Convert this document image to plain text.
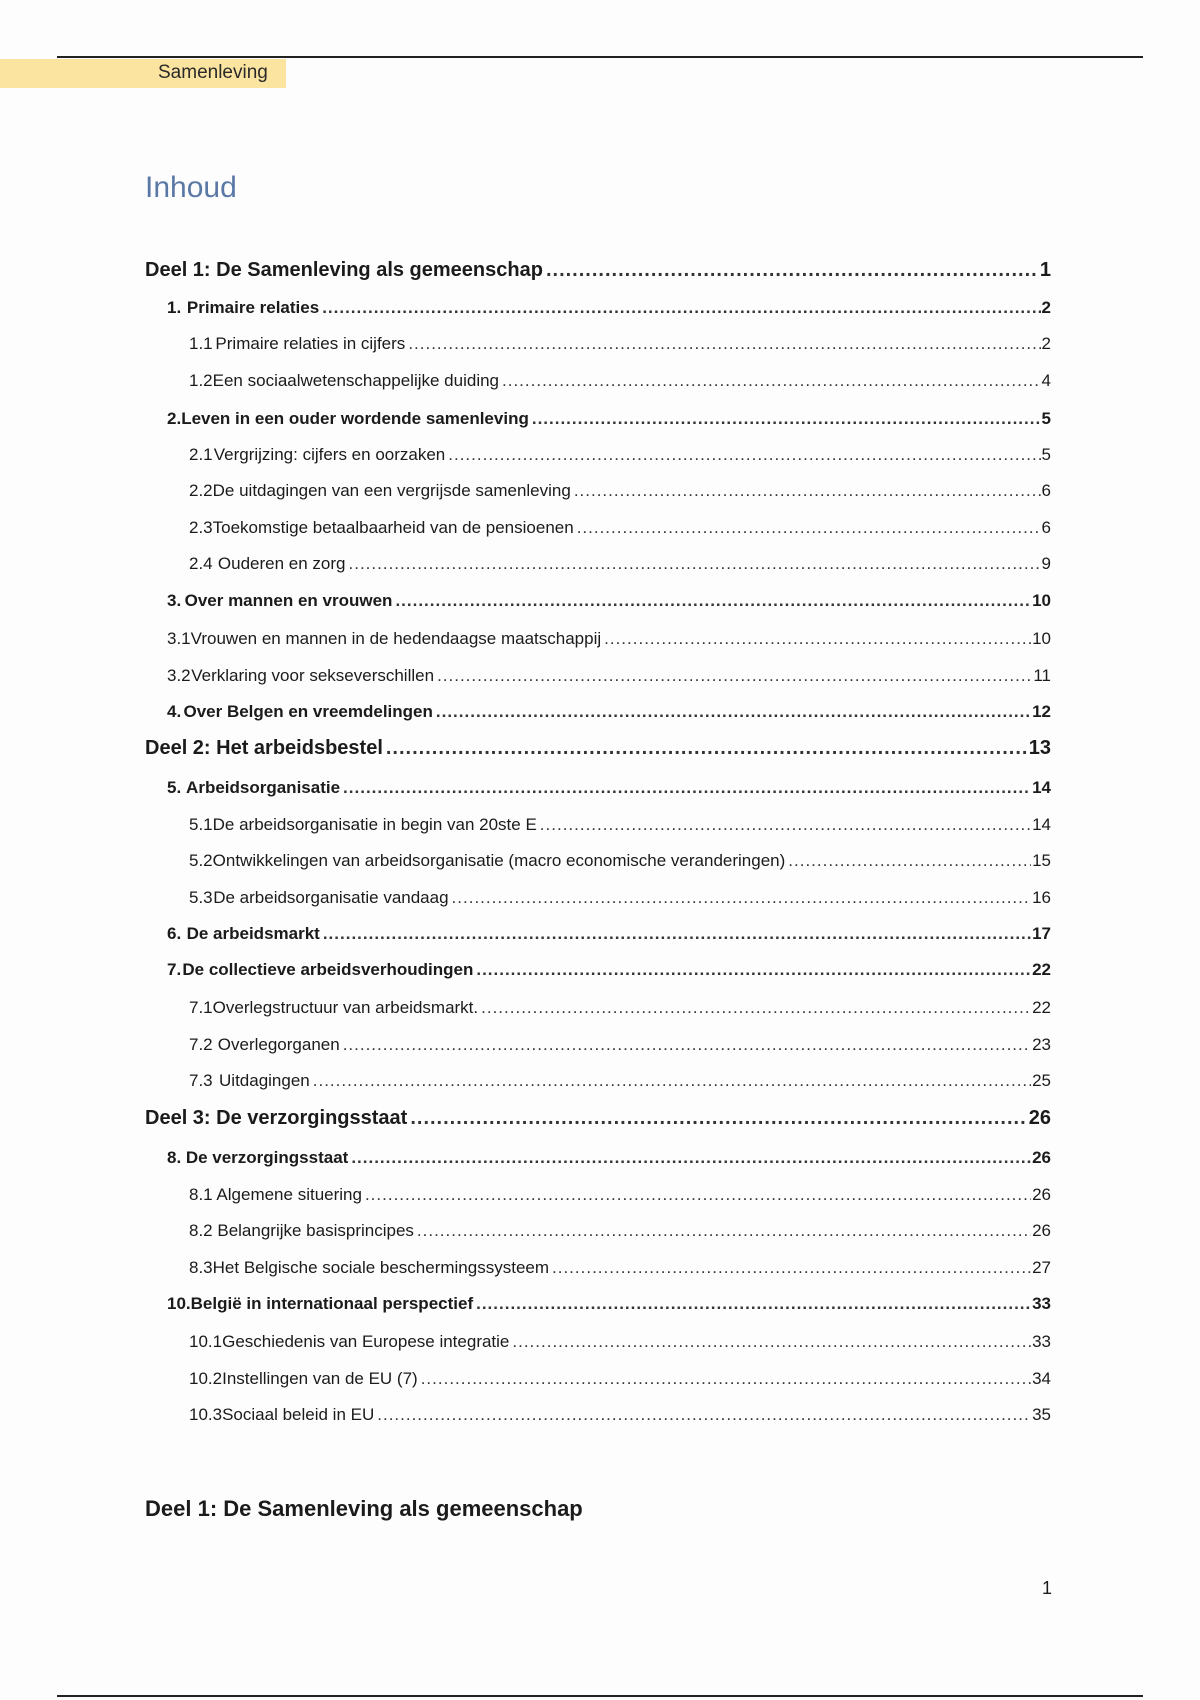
Samenleving
Inhoud
Deel 1: De Samenleving als gemeenschap .....	1
1. Primaire relaties .....	2
1.1 Primaire relaties in cijfers .....	2
1.2 Een sociaalwetenschappelijke duiding .....	4
2. Leven in een ouder wordende samenleving .....	5
2.1 Vergrijzing: cijfers en oorzaken .....	5
2.2 De uitdagingen van een vergrijsde samenleving .....	6
2.3 Toekomstige betaalbaarheid van de pensioenen .....	6
2.4 Ouderen en zorg .....	9
3. Over mannen en vrouwen .....	10
3.1 Vrouwen en mannen in de hedendaagse maatschappij .....	10
3.2 Verklaring voor sekseverschillen .....	11
4. Over Belgen en vreemdelingen .....	12
Deel 2: Het arbeidsbestel .....	13
5. Arbeidsorganisatie .....	14
5.1 De arbeidsorganisatie in begin van 20ste E .....	14
5.2 Ontwikkelingen van arbeidsorganisatie (macro economische veranderingen) .....	15
5.3 De arbeidsorganisatie vandaag .....	16
6. De arbeidsmarkt .....	17
7. De collectieve arbeidsverhoudingen .....	22
7.1 Overlegstructuur van arbeidsmarkt. .....	22
7.2 Overlegorganen .....	23
7.3 Uitdagingen .....	25
Deel 3: De verzorgingsstaat .....	26
8. De verzorgingsstaat .....	26
8.1 Algemene situering .....	26
8.2 Belangrijke basisprincipes .....	26
8.3 Het Belgische sociale beschermingssysteem .....	27
10. België in internationaal perspectief .....	33
10.1 Geschiedenis van Europese integratie .....	33
10.2 Instellingen van de EU (7) .....	34
10.3 Sociaal beleid in EU .....	35
Deel 1: De Samenleving als gemeenschap
1
